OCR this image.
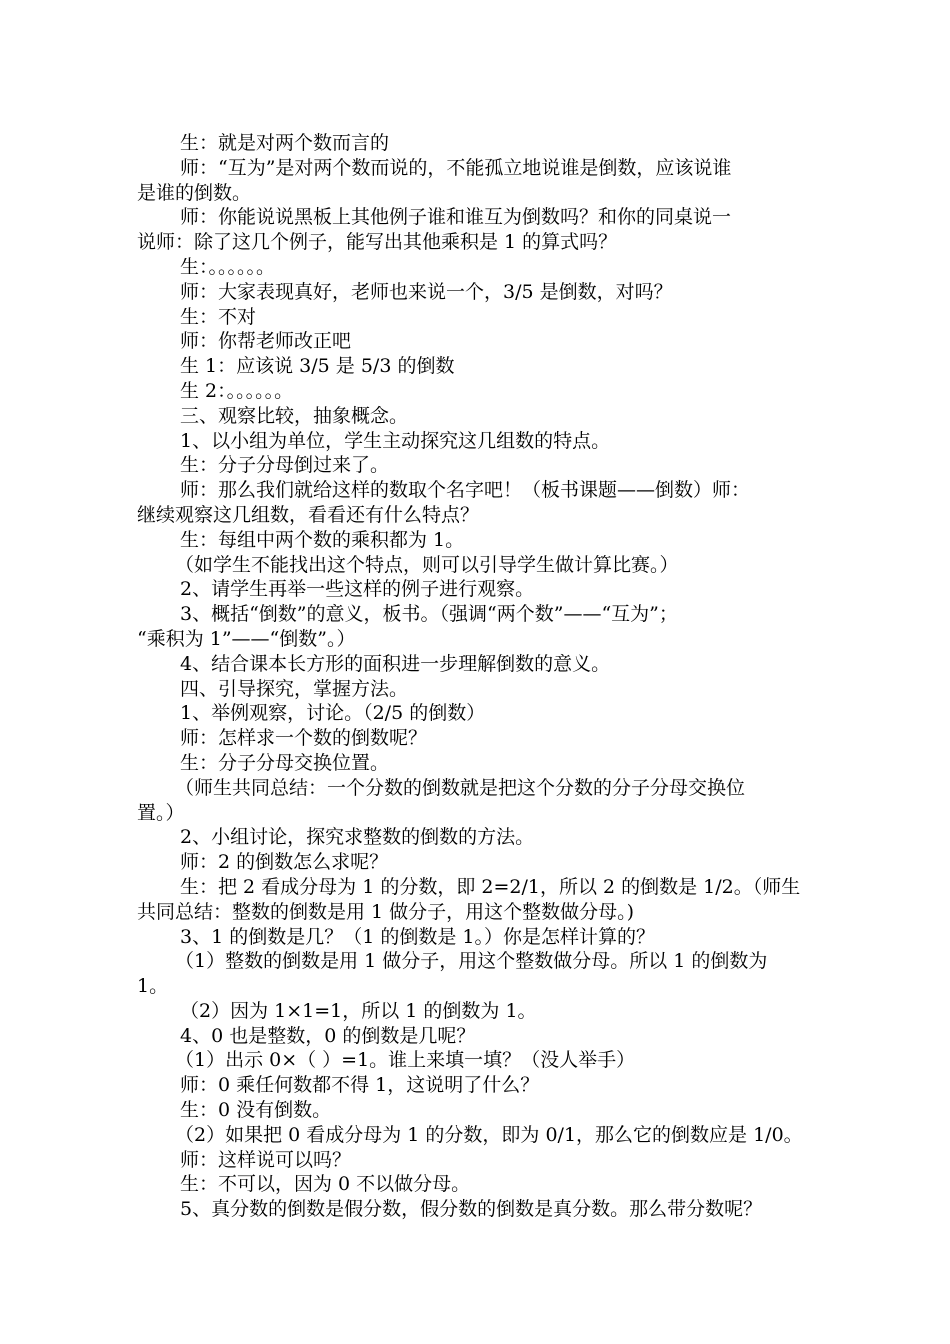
生：就是对两个数而言的
师：“互为”是对两个数而说的，不能孤立地说谁是倒数，应该说谁
是谁的倒数。
师：你能说说黑板上其他例子谁和谁互为倒数吗？和你的同桌说一
说师：除了这几个例子，能写出其他乘积是 1 的算式吗？
生：。。。。。。
师：大家表现真好，老师也来说一个，3/5 是倒数，对吗？
生：不对
师：你帮老师改正吧
生 1：应该说 3/5 是 5/3 的倒数
生 2：。。。。。。
三、观察比较，抽象概念。
1、以小组为单位，学生主动探究这几组数的特点。
生：分子分母倒过来了。
师：那么我们就给这样的数取个名字吧！（板书课题——倒数）师：
继续观察这几组数，看看还有什么特点？
生：每组中两个数的乘积都为 1。
（如学生不能找出这个特点，则可以引导学生做计算比赛。）
2、请学生再举一些这样的例子进行观察。
3、概括“倒数”的意义，板书。（强调“两个数”——“互为”；
“乘积为 1”——“倒数”。）
4、结合课本长方形的面积进一步理解倒数的意义。
四、引导探究，掌握方法。
1、举例观察，讨论。（2/5 的倒数）
师：怎样求一个数的倒数呢？
生：分子分母交换位置。
（师生共同总结：一个分数的倒数就是把这个分数的分子分母交换位
置。）
2、小组讨论，探究求整数的倒数的方法。
师：2 的倒数怎么求呢？
生：把 2 看成分母为 1 的分数，即 2=2/1，所以 2 的倒数是 1/2。（师生
共同总结：整数的倒数是用 1 做分子，用这个整数做分母。)
3、1 的倒数是几？（1 的倒数是 1。）你是怎样计算的？
（1）整数的倒数是用 1 做分子，用这个整数做分母。所以 1 的倒数为
1。
（2）因为 1×1=1，所以 1 的倒数为 1。
4、0 也是整数，0 的倒数是几呢？
（1）出示 0×（ ）=1。谁上来填一填？（没人举手）
师：0 乘任何数都不得 1，这说明了什么？
生：0 没有倒数。
（2）如果把 0 看成分母为 1 的分数，即为 0/1，那么它的倒数应是 1/0。
师：这样说可以吗？
生：不可以，因为 0 不以做分母。
5、真分数的倒数是假分数，假分数的倒数是真分数。那么带分数呢？
